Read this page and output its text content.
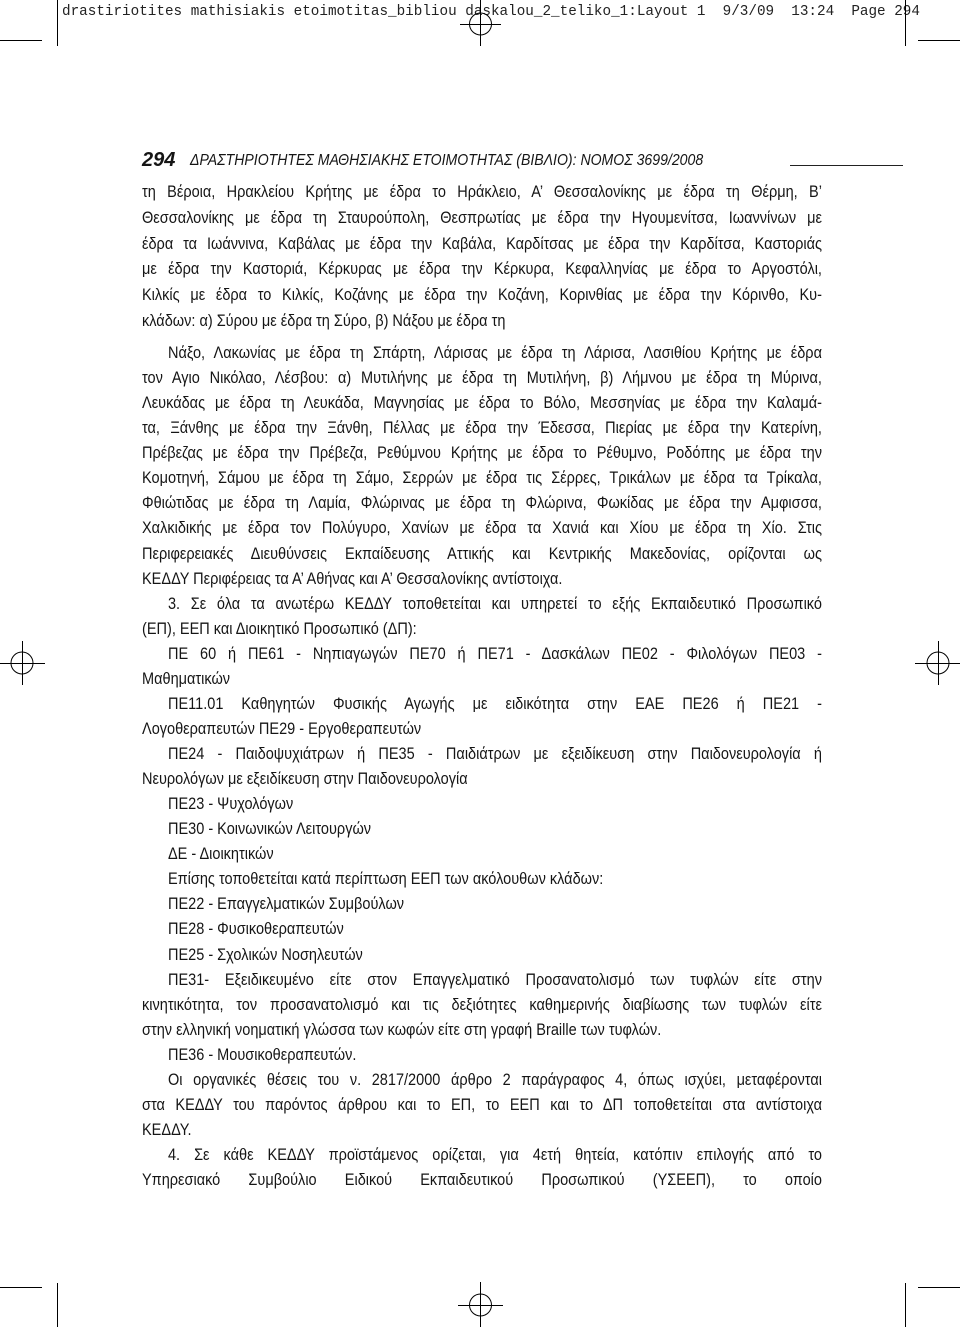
drastiriotites mathisiakis etoimotitas_bibliou daskalou_2_teliko_1:Layout 1  9/3/09  13:24  Page 294
294 ΔΡΑΣΤΗΡΙΟΤΗΤΕΣ ΜΑΘΗΣΙΑΚΗΣ ΕΤΟΙΜΟΤΗΤΑΣ (ΒΙΒΛΙΟ): ΝΟΜΟΣ 3699/2008
τη Βέροια, Ηρακλείου Κρήτης με έδρα το Ηράκλειο, Α’ Θεσσαλονίκης με έδρα τη Θέρμη, Β’
Θεσσαλονίκης με έδρα τη Σταυρούπολη, Θεσπρωτίας με έδρα την Ηγουμενίτσα, Ιωαννίνων με
έδρα τα Ιωάννινα, Καβάλας με έδρα την Καβάλα, Καρδίτσας με έδρα την Καρδίτσα, Καστοριάς
με έδρα την Καστοριά, Κέρκυρας με έδρα την Κέρκυρα, Κεφαλληνίας με έδρα το Αργοστόλι,
Κιλκίς με έδρα το Κιλκίς, Κοζάνης με έδρα την Κοζάνη, Κορινθίας με έδρα την Κόρινθο, Κυ-
κλάδων: α) Σύρου με έδρα τη Σύρο, β) Νάξου με έδρα τη
Νάξο, Λακωνίας με έδρα τη Σπάρτη, Λάρισας με έδρα τη Λάρισα, Λασιθίου Κρήτης με έδρα
τον Αγιο Νικόλαο, Λέσβου: α) Μυτιλήνης με έδρα τη Μυτιλήνη, β) Λήμνου με έδρα τη Μύρινα,
Λευκάδας με έδρα τη Λευκάδα, Μαγνησίας με έδρα το Βόλο, Μεσσηνίας με έδρα την Καλαμά-
τα, Ξάνθης με έδρα την Ξάνθη, Πέλλας με έδρα την Έδεσσα, Πιερίας με έδρα την Κατερίνη,
Πρέβεζας με έδρα την Πρέβεζα, Ρεθύμνου Κρήτης με έδρα το Ρέθυμνο, Ροδόπης με έδρα την
Κομοτηνή, Σάμου με έδρα τη Σάμο, Σερρών με έδρα τις Σέρρες, Τρικάλων με έδρα τα Τρίκαλα,
Φθιώτιδας με έδρα τη Λαμία, Φλώρινας με έδρα τη Φλώρινα, Φωκίδας με έδρα την Αμφισσα,
Χαλκιδικής με έδρα τον Πολύγυρο, Χανίων με έδρα τα Χανιά και Χίου με έδρα τη Χίο. Στις
Περιφερειακές Διευθύνσεις Εκπαίδευσης Αττικής και Κεντρικής Μακεδονίας, ορίζονται ως
ΚΕΔΔΥ Περιφέρειας τα Α’ Αθήνας και Α’ Θεσσαλονίκης αντίστοιχα.
3. Σε όλα τα ανωτέρω ΚΕΔΔΥ τοποθετείται και υπηρετεί το εξής Εκπαιδευτικό Προσωπικό
(ΕΠ), ΕΕΠ και Διοικητικό Προσωπικό (ΔΠ):
ΠΕ 60 ή ΠΕ61 - Νηπιαγωγών ΠΕ70 ή ΠΕ71 - Δασκάλων ΠΕ02 - Φιλολόγων ΠΕ03 -
Μαθηματικών
ΠΕ11.01 Καθηγητών Φυσικής Αγωγής με ειδικότητα στην ΕΑΕ ΠΕ26 ή ΠΕ21 -
Λογοθεραπευτών ΠΕ29 - Εργοθεραπευτών
ΠΕ24 - Παιδοψυχιάτρων ή ΠΕ35 - Παιδιάτρων με εξειδίκευση στην Παιδονευρολογία ή
Νευρολόγων με εξειδίκευση στην Παιδονευρολογία
ΠΕ23 - Ψυχολόγων
ΠΕ30 - Κοινωνικών Λειτουργών
ΔΕ - Διοικητικών
Επίσης τοποθετείται κατά περίπτωση ΕΕΠ των ακόλουθων κλάδων:
ΠΕ22 - Επαγγελματικών Συμβούλων
ΠΕ28 - Φυσικοθεραπευτών
ΠΕ25 - Σχολικών Νοσηλευτών
ΠΕ31- Εξειδικευμένο είτε στον Επαγγελματικό Προσανατολισμό των τυφλών είτε στην
κινητικότητα, τον προσανατολισμό και τις δεξιότητες καθημερινής διαβίωσης των τυφλών είτε
στην ελληνική νοηματική γλώσσα των κωφών είτε στη γραφή Braille των τυφλών.
ΠΕ36 - Μουσικοθεραπευτών.
Οι οργανικές θέσεις του ν. 2817/2000 άρθρο 2 παράγραφος 4, όπως ισχύει, μεταφέρονται
στα ΚΕΔΔΥ του παρόντος άρθρου και το ΕΠ, το ΕΕΠ και το ΔΠ τοποθετείται στα αντίστοιχα
ΚΕΔΔΥ.
4. Σε κάθε ΚΕΔΔΥ προϊστάμενος ορίζεται, για 4ετή θητεία, κατόπιν επιλογής από το
Υπηρεσιακό Συμβούλιο Ειδικού Εκπαιδευτικού Προσωπικού (ΥΣΕΕΠ), το οποίο
